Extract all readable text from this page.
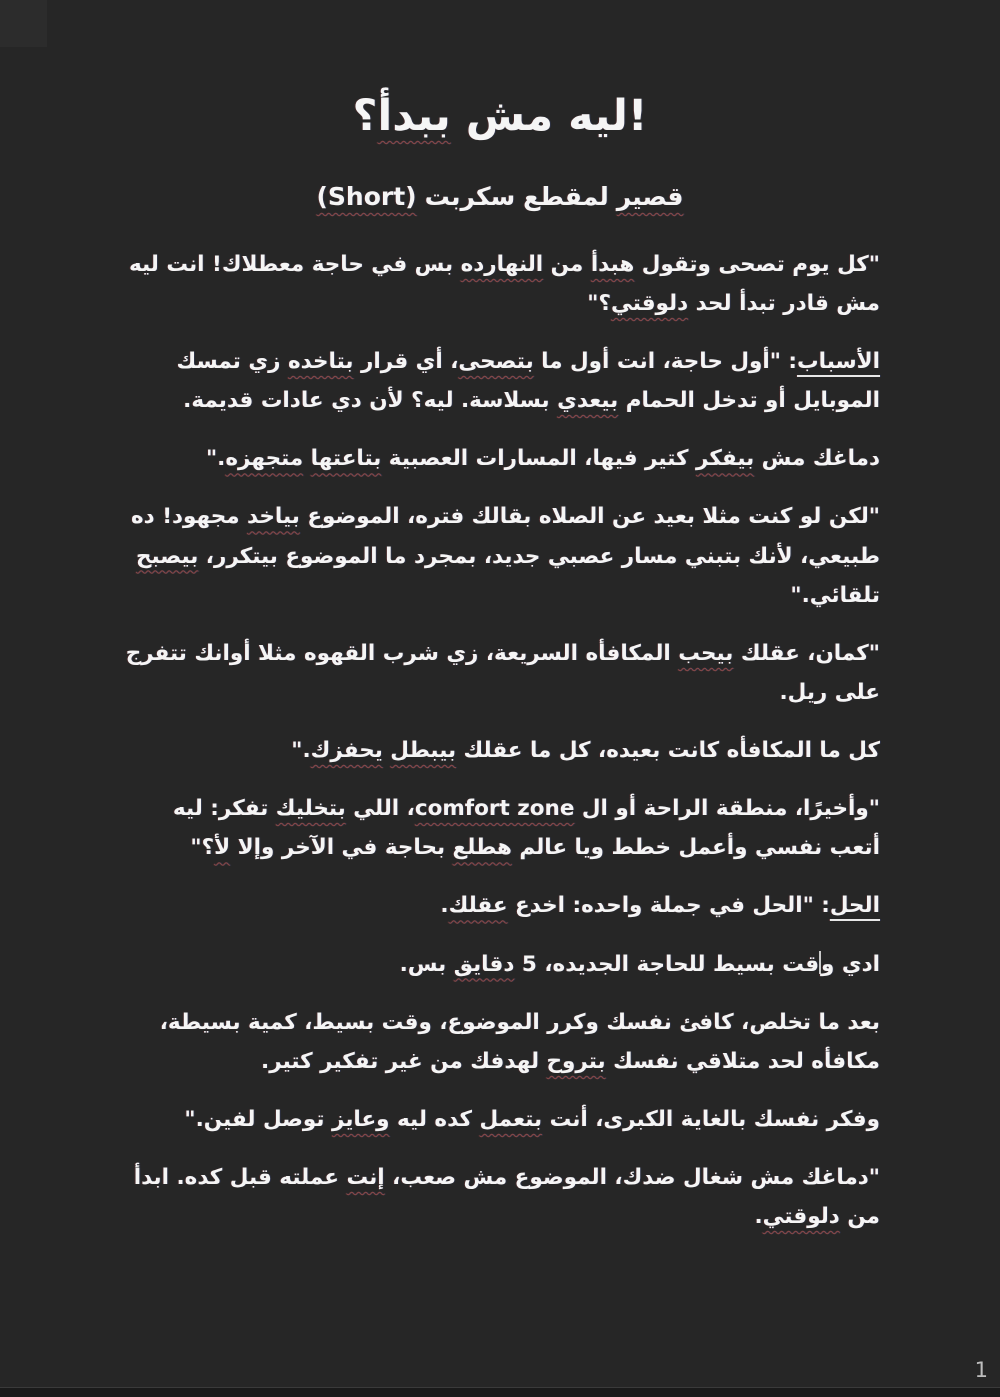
!ليه مش ببدأ؟
(Short) سكربت لمقطع قصير

"كل يوم تصحى وتقول هبدأ من النهارده بس في حاجة معطلاك! انت ليه مش قادر تبدأ لحد دلوقتي؟"

الأسباب: "أول حاجة، انت أول ما بتصحى، أي قرار بتاخده زي تمسك الموبايل أو تدخل الحمام بيعدي بسلاسة. ليه؟ لأن دي عادات قديمة.

دماغك مش بيفكر كتير فيها، المسارات العصبية بتاعتها متجهزه."

"لكن لو كنت مثلا بعيد عن الصلاه بقالك فتره، الموضوع بياخد مجهود! ده طبيعي، لأنك بتبني مسار عصبي جديد، بمجرد ما الموضوع بيتكرر، بيصبح تلقائي."

"كمان، عقلك بيحب المكافأه السريعة، زي شرب القهوه مثلا أوانك تتفرج على ريل.

كل ما المكافأه كانت بعيده، كل ما عقلك بيبطل يحفزك."

"وأخيرًا، منطقة الراحة أو ال comfort zone، اللي بتخليك تفكر: ليه أتعب نفسي وأعمل خطط ويا عالم هطلع بحاجة في الآخر وإلا لأ؟"

الحل: "الحل في جملة واحده: اخدع عقلك.

ادي وقت بسيط للحاجة الجديده، 5 دقايق بس.

بعد ما تخلص، كافئ نفسك وكرر الموضوع، وقت بسيط، كمية بسيطة، مكافأه لحد متلاقي نفسك بتروح لهدفك من غير تفكير كتير.

وفكر نفسك بالغاية الكبرى، أنت بتعمل كده ليه وعايز توصل لفين."

"دماغك مش شغال ضدك، الموضوع مش صعب، إنت عملته قبل كده. ابدأ من دلوقتي.

1
